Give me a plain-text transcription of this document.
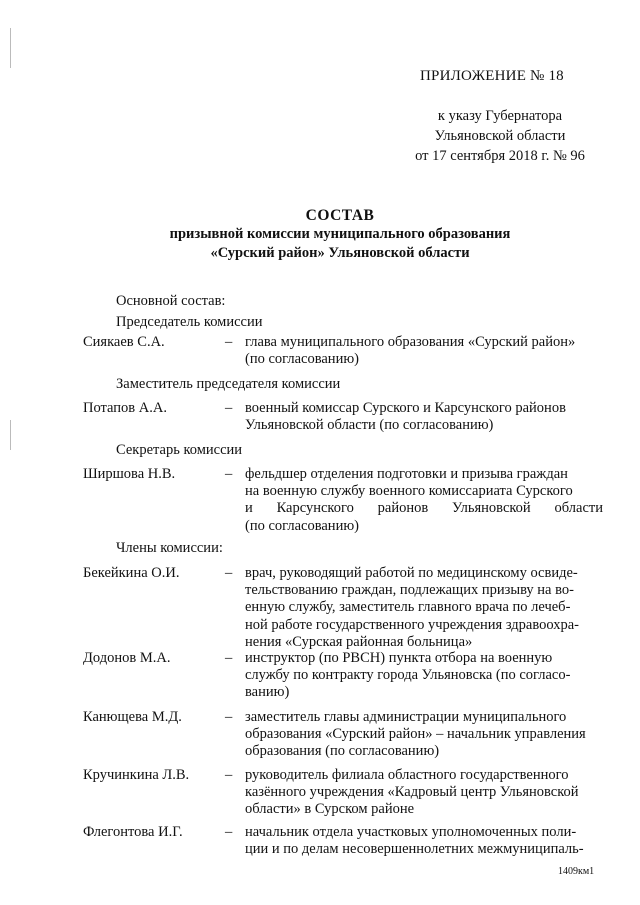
ПРИЛОЖЕНИЕ № 18
к указу Губернатора
Ульяновской области
от 17 сентября 2018 г. № 96
СОСТАВ
призывной комиссии муниципального образования
«Сурский район» Ульяновской области
Основной состав:
Председатель комиссии
Сиякаев С.А.	– глава муниципального образования «Сурский район»
(по согласованию)
Заместитель председателя комиссии
Потапов А.А.	– военный комиссар Сурского и Карсунского районов
Ульяновской области (по согласованию)
Секретарь комиссии
Ширшова Н.В.	– фельдшер отделения подготовки и призыва граждан
на военную службу военного комиссариата Сурского
и Карсунского районов Ульяновской области
(по согласованию)
Члены комиссии:
Бекейкина О.И.	– врач, руководящий работой по медицинскому освиде-
тельствованию граждан, подлежащих призыву на во-
енную службу, заместитель главного врача по лечеб-
ной работе государственного учреждения здравоохра-
нения «Сурская районная больница»
Додонов М.А.	– инструктор (по РВСН) пункта отбора на военную
службу по контракту города Ульяновска (по согласо-
ванию)
Канющева М.Д.	– заместитель главы администрации муниципального
образования «Сурский район» – начальник управления
образования (по согласованию)
Кручинкина Л.В. – руководитель филиала областного государственного
казённого учреждения «Кадровый центр Ульяновской
области» в Сурском районе
Флегонтова И.Г.	– начальник отдела участковых уполномоченных поли-
ции и по делам несовершеннолетних межмуниципаль-
1409км1
